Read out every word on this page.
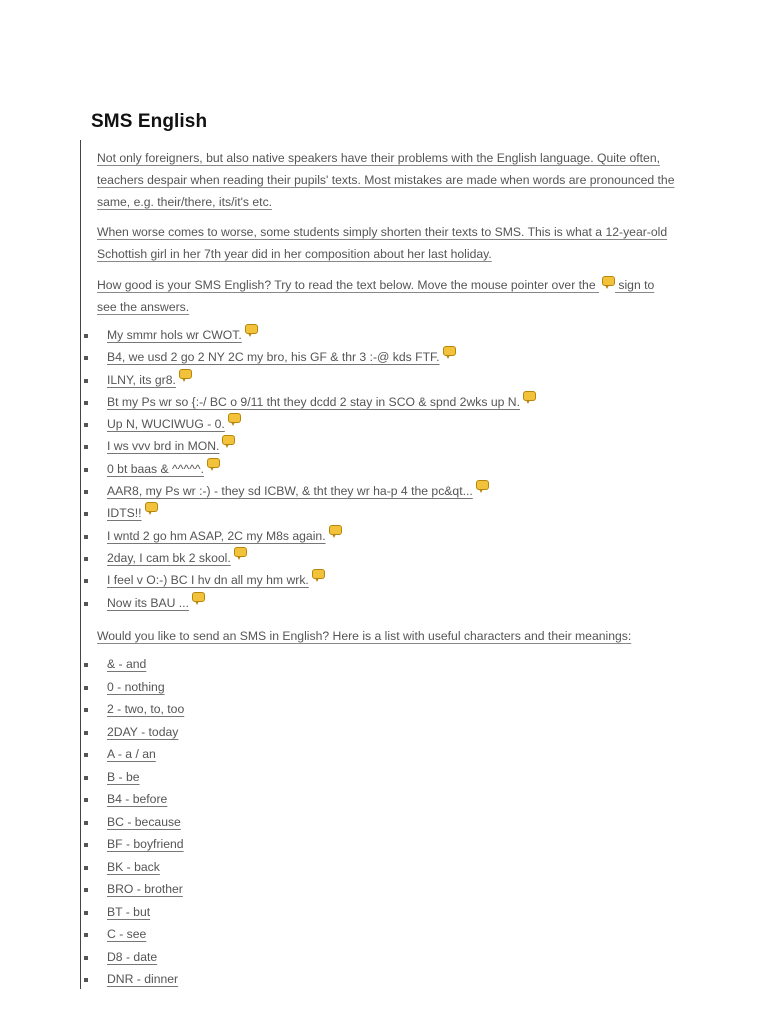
SMS English

Not only foreigners, but also native speakers have their problems with the English language. Quite often, teachers despair when reading their pupils' texts. Most mistakes are made when words are pronounced the same, e.g. their/there, its/it's etc.

When worse comes to worse, some students simply shorten their texts to SMS. This is what a 12-year-old Schottish girl in her 7th year did in her composition about her last holiday.

How good is your SMS English? Try to read the text below. Move the mouse pointer over the  sign to see the answers.

My smmr hols wr CWOT.
B4, we usd 2 go 2 NY 2C my bro, his GF & thr 3 :-@ kds FTF.
ILNY, its gr8.
Bt my Ps wr so {:-/ BC o 9/11 tht they dcdd 2 stay in SCO & spnd 2wks up N.
Up N, WUCIWUG - 0.
I ws vvv brd in MON.
0 bt baas & ^^^^^.
AAR8, my Ps wr :-) - they sd ICBW, & tht they wr ha-p 4 the pc&qt...
IDTS!!
I wntd 2 go hm ASAP, 2C my M8s again.
2day, I cam bk 2 skool.
I feel v O:-) BC I hv dn all my hm wrk.
Now its BAU ...

Would you like to send an SMS in English? Here is a list with useful characters and their meanings:

& - and
0 - nothing
2 - two, to, too
2DAY - today
A - a / an
B - be
B4 - before
BC - because
BF - boyfriend
BK - back
BRO - brother
BT - but
C - see
D8 - date
DNR - dinner
